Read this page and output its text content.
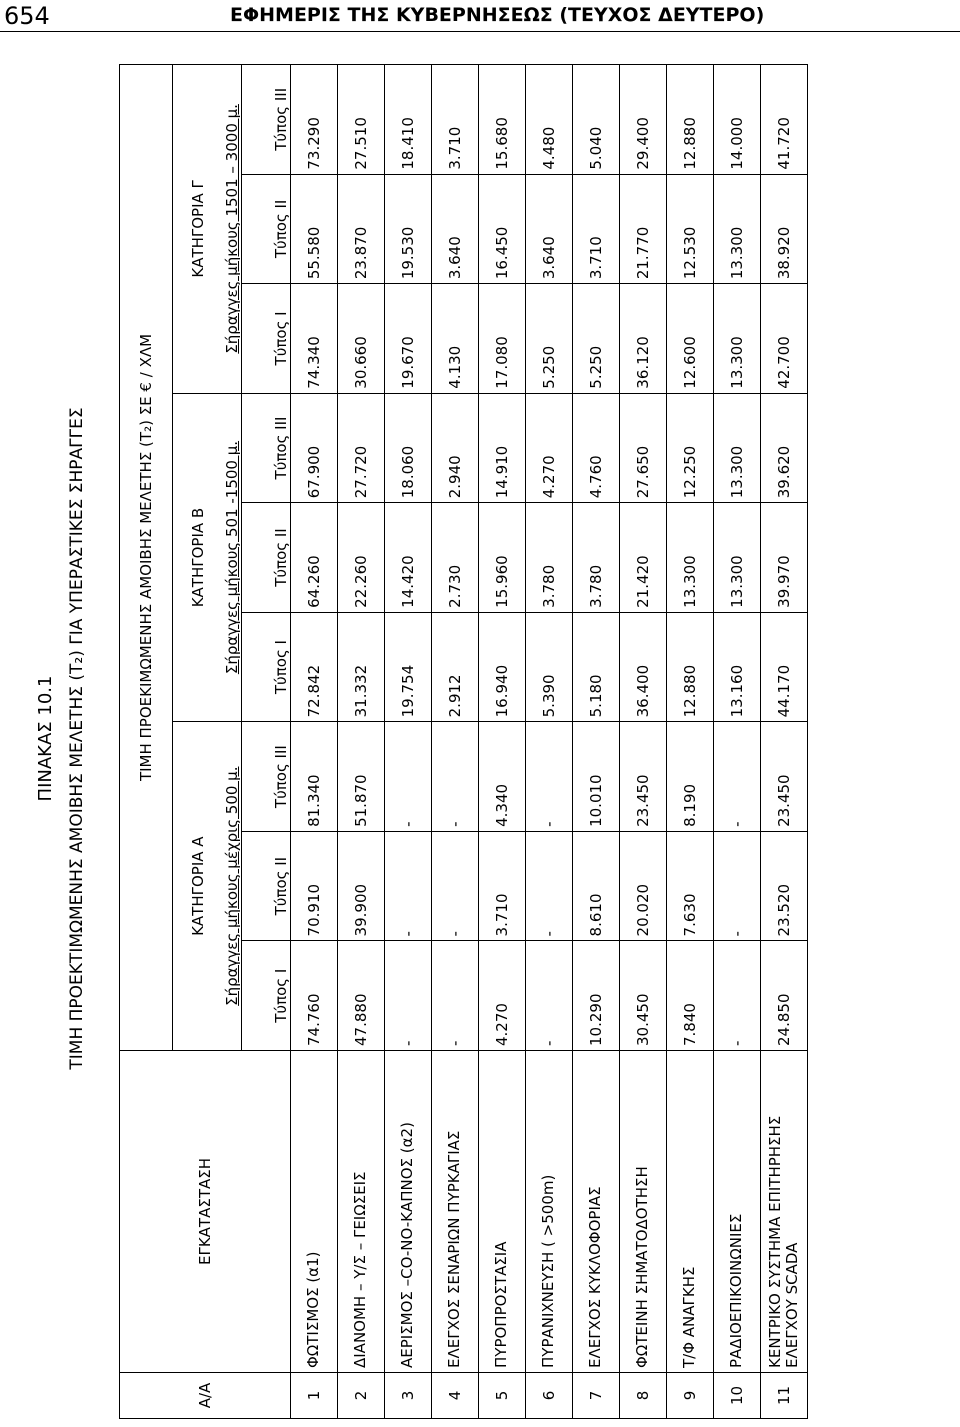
654	ΕΦΗΜΕΡΙΣ ΤΗΣ ΚΥΒΕΡΝΗΣΕΩΣ (ΤΕΥΧΟΣ ΔΕΥΤΕΡΟ)
ΠΙΝΑΚΑΣ 10.1 ΤΙΜΗ ΠΡΟΕΚΤΙΜΩΜΕΝΗΣ ΑΜΟΙΒΗΣ ΜΕΛΕΤΗΣ (Τ₂) ΓΙΑ ΥΠΕΡΑΣΤΙΚΕΣ ΣΗΡΑΓΓΕΣ
Α/Α	ΕΓΚΑΤΑΣΤΑΣΗ	ΤΙΜΗ ΠΡΟΕΚΙΜΩΜΕΝΗΣ ΑΜΟΙΒΗΣ ΜΕΛΕΤΗΣ (Τ₂) ΣΕ € / ΧΛΜ								
		ΚΑΤΗΓΟΡΙΑ Α			ΚΑΤΗΓΟΡΙΑ Β			ΚΑΤΗΓΟΡΙΑ Γ		
		Σήραγγες μήκους μέχρις 500 μ.			Σήραγγες μήκους 501 -1500 μ.			Σήραγγες μήκους 1501 – 3000 μ.		
		Τύπος Ι	Τύπος ΙΙ	Τύπος ΙΙΙ	Τύπος Ι	Τύπος ΙΙ	Τύπος ΙΙΙ	Τύπος Ι	Τύπος ΙΙ	Τύπος ΙΙΙ
1	ΦΩΤΙΣΜΟΣ (α1)	74.760	70.910	81.340	72.842	64.260	67.900	74.340	55.580	73.290
2	ΔΙΑΝΟΜΗ – Υ/Σ – ΓΕΙΩΣΕΙΣ	47.880	39.900	51.870	31.332	22.260	27.720	30.660	23.870	27.510
3	ΑΕΡΙΣΜΟΣ –CO-NO-ΚΑΠΝΟΣ (α2)	-	-	-	19.754	14.420	18.060	19.670	19.530	18.410
4	ΕΛΕΓΧΟΣ ΣΕΝΑΡΙΩΝ ΠΥΡΚΑΓΙΑΣ	-	-	-	2.912	2.730	2.940	4.130	3.640	3.710
5	ΠΥΡΟΠΡΟΣΤΑΣΙΑ	4.270	3.710	4.340	16.940	15.960	14.910	17.080	16.450	15.680
6	ΠΥΡΑΝΙΧΝΕΥΣΗ ( >500m)	-	-	-	5.390	3.780	4.270	5.250	3.640	4.480
7	ΕΛΕΓΧΟΣ ΚΥΚΛΟΦΟΡΙΑΣ	10.290	8.610	10.010	5.180	3.780	4.760	5.250	3.710	5.040
8	ΦΩΤΕΙΝΗ ΣΗΜΑΤΟΔΟΤΗΣΗ	30.450	20.020	23.450	36.400	21.420	27.650	36.120	21.770	29.400
9	Τ/Φ ΑΝΑΓΚΗΣ	7.840	7.630	8.190	12.880	13.300	12.250	12.600	12.530	12.880
10	ΡΑΔΙΟΕΠΙΚΟΙΝΩΝΙΕΣ	-	-	-	13.160	13.300	13.300	13.300	13.300	14.000
11	ΚΕΝΤΡΙΚΟ ΣΥΣΤΗΜΑ ΕΠΙΤΗΡΗΣΗΣ ΕΛΕΓΧΟΥ SCADA	24.850	23.520	23.450	44.170	39.970	39.620	42.700	38.920	41.720
